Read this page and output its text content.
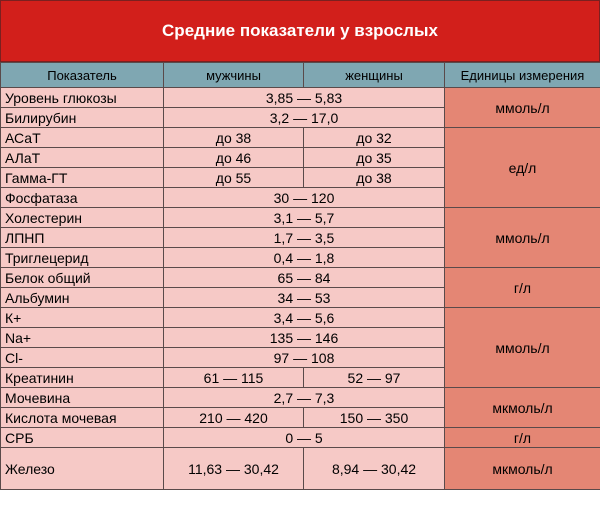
Средние показатели у взрослых
Показатель	мужчины	женщины	Единицы измерения
Уровень глюкозы	3,85 — 5,83		ммоль/л
Билирубин	3,2 — 17,0		
АСаТ	до 38	до 32	ед/л
АЛаТ	до 46	до 35	
Гамма-ГТ	до 55	до 38	
Фосфатаза	30 — 120		
Холестерин	3,1 — 5,7		ммоль/л
ЛПНП	1,7 — 3,5		
Триглецерид	0,4 — 1,8		
Белок общий	65 — 84		г/л
Альбумин	34 — 53		
К+	3,4 — 5,6		ммоль/л
Na+	135 — 146		
Cl-	97 — 108		
Креатинин	61 — 115	52 — 97	
Мочевина	2,7 — 7,3		мкмоль/л
Кислота мочевая	210 — 420	150 — 350	
СРБ	0 — 5		г/л
Железо	11,63 — 30,42	8,94 — 30,42	мкмоль/л
